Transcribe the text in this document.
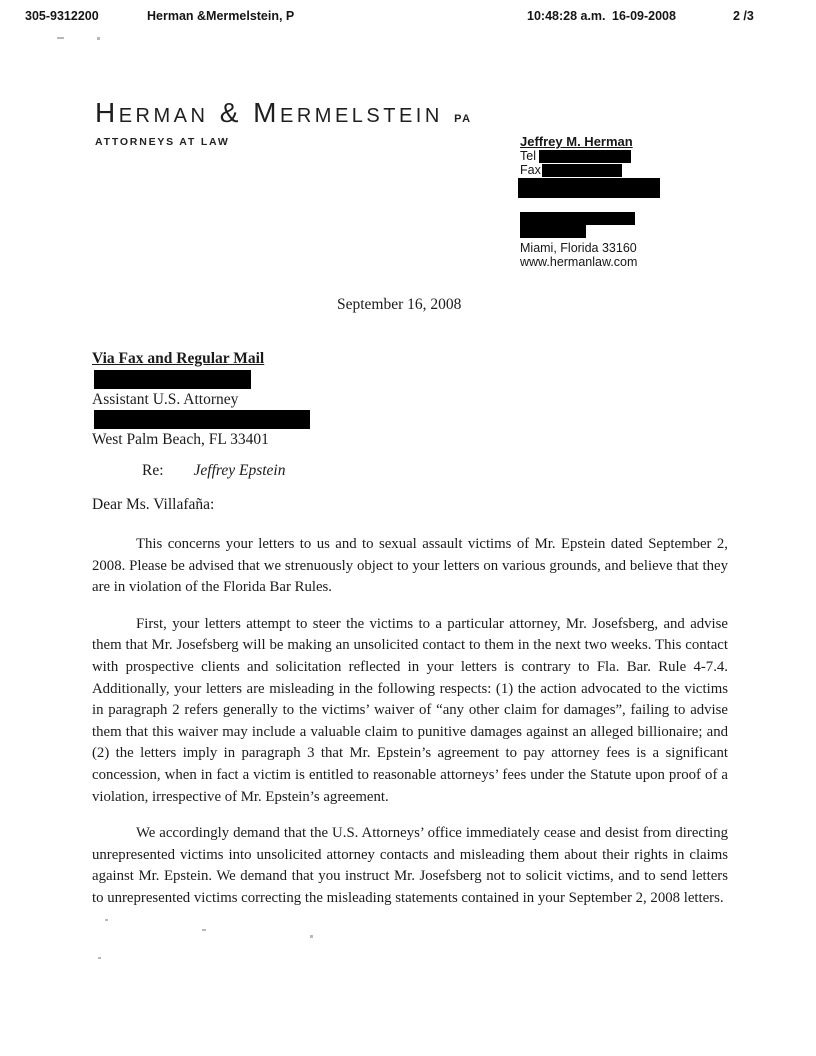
305-9312200	Herman &Mermelstein, P	10:48:28 a.m. 16-09-2008	2 /3
Herman & Mermelstein pa
ATTORNEYS AT LAW	Jeffrey M. Herman
Tel
Fax
Miami, Florida 33160
www.hermanlaw.com
September 16, 2008
Via Fax and Regular Mail
Assistant U.S. Attorney
West Palm Beach, FL 33401
Re: Jeffrey Epstein
Dear Ms. Villafaña:

This concerns your letters to us and to sexual assault victims of Mr. Epstein dated September 2, 2008. Please be advised that we strenuously object to your letters on various grounds, and believe that they are in violation of the Florida Bar Rules.

First, your letters attempt to steer the victims to a particular attorney, Mr. Josefsberg, and advise them that Mr. Josefsberg will be making an unsolicited contact to them in the next two weeks. This contact with prospective clients and solicitation reflected in your letters is contrary to Fla. Bar. Rule 4-7.4. Additionally, your letters are misleading in the following respects: (1) the action advocated to the victims in paragraph 2 refers generally to the victims’ waiver of “any other claim for damages”, failing to advise them that this waiver may include a valuable claim to punitive damages against an alleged billionaire; and (2) the letters imply in paragraph 3 that Mr. Epstein’s agreement to pay attorney fees is a significant concession, when in fact a victim is entitled to reasonable attorneys’ fees under the Statute upon proof of a violation, irrespective of Mr. Epstein’s agreement.

We accordingly demand that the U.S. Attorneys’ office immediately cease and desist from directing unrepresented victims into unsolicited attorney contacts and misleading them about their rights in claims against Mr. Epstein. We demand that you instruct Mr. Josefsberg not to solicit victims, and to send letters to unrepresented victims correcting the misleading statements contained in your September 2, 2008 letters.
